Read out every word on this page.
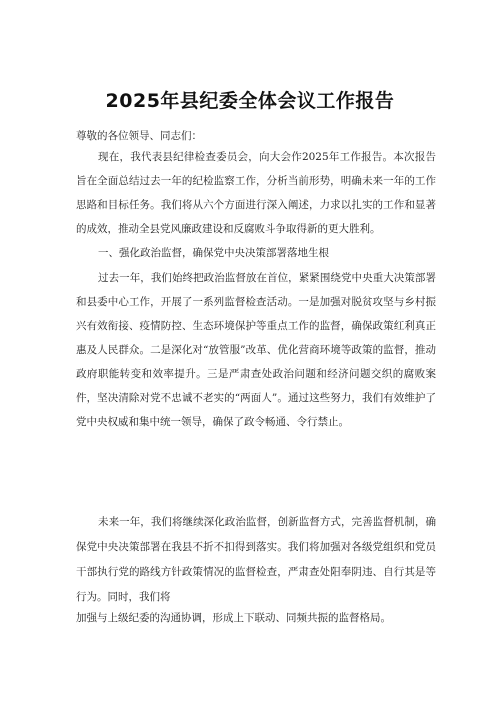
2025年县纪委全体会议工作报告
尊敬的各位领导、同志们：

现在，我代表县纪律检查委员会，向大会作2025年工作报告。本次报告旨在全面总结过去一年的纪检监察工作，分析当前形势，明确未来一年的工作思路和目标任务。我们将从六个方面进行深入阐述，力求以扎实的工作和显著的成效，推动全县党风廉政建设和反腐败斗争取得新的更大胜利。

一、强化政治监督，确保党中央决策部署落地生根

过去一年，我们始终把政治监督放在首位，紧紧围绕党中央重大决策部署和县委中心工作，开展了一系列监督检查活动。一是加强对脱贫攻坚与乡村振兴有效衔接、疫情防控、生态环境保护等重点工作的监督，确保政策红利真正惠及人民群众。二是深化对“放管服”改革、优化营商环境等政策的监督，推动政府职能转变和效率提升。三是严肃查处政治问题和经济问题交织的腐败案件，坚决清除对党不忠诚不老实的“两面人”。通过这些努力，我们有效维护了党中央权威和集中统一领导，确保了政令畅通、令行禁止。

未来一年，我们将继续深化政治监督，创新监督方式，完善监督机制，确保党中央决策部署在我县不折不扣得到落实。我们将加强对各级党组织和党员干部执行党的路线方针政策情况的监督检查，严肃查处阳奉阴违、自行其是等行为。同时，我们将

加强与上级纪委的沟通协调，形成上下联动、同频共振的监督格局。
